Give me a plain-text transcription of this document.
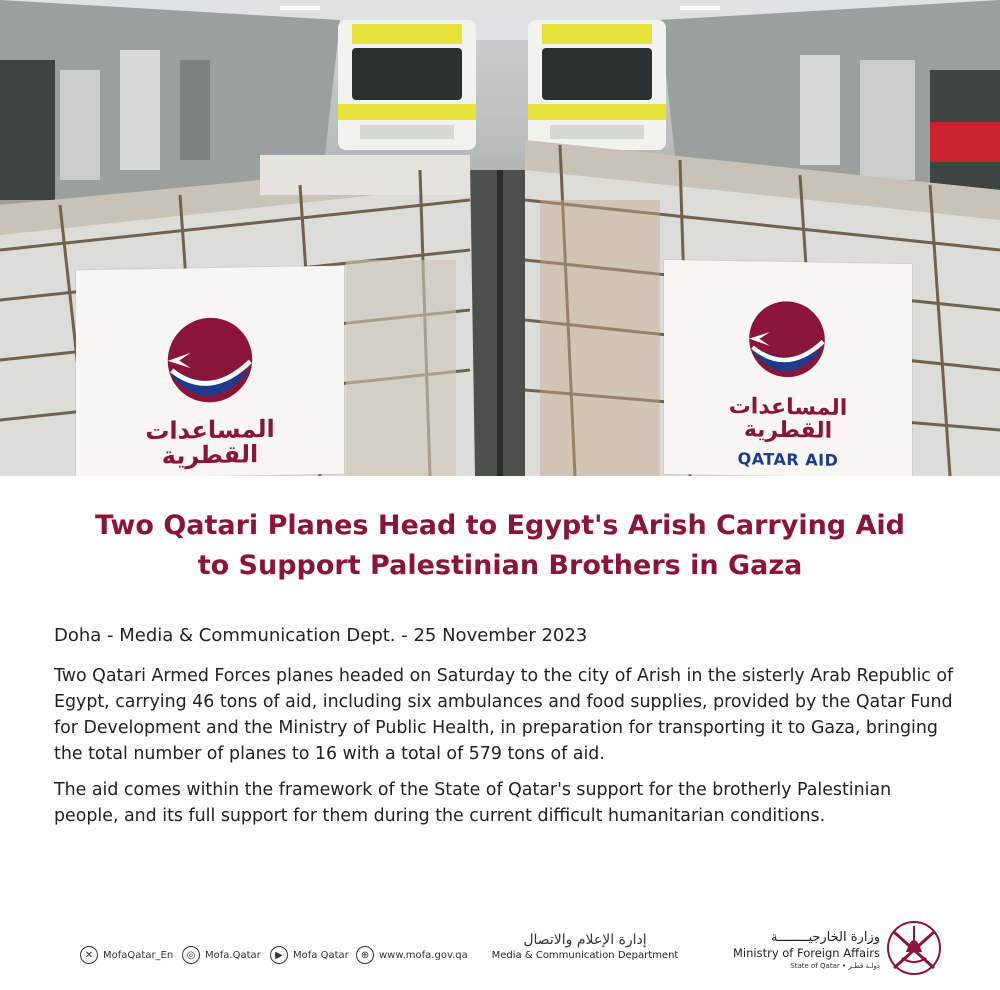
المساعدات
القطرية
المساعدات
القطرية
QATAR AID
Two Qatari Planes Head to Egypt's Arish Carrying Aid
to Support Palestinian Brothers in Gaza
Doha - Media & Communication Dept. - 25 November 2023

Two Qatari Armed Forces planes headed on Saturday to the city of Arish in the sisterly Arab Republic of Egypt, carrying 46 tons of aid, including six ambulances and food supplies, provided by the Qatar Fund for Development and the Ministry of Public Health, in preparation for transporting it to Gaza, bringing the total number of planes to 16 with a total of 579 tons of aid.

The aid comes within the framework of the State of Qatar's support for the brotherly Palestinian people, and its full support for them during the current difficult humanitarian conditions.

✕ MofaQatar_En	◎ Mofa.Qatar	▶	Mofa Qatar	⊕ www.mofa.gov.qa
إدارة الإعلام والاتصال
Media & Communication Department
وزارة الخارجيــــــــة
Ministry of Foreign Affairs
State of Qatar • دولـة قطـر
